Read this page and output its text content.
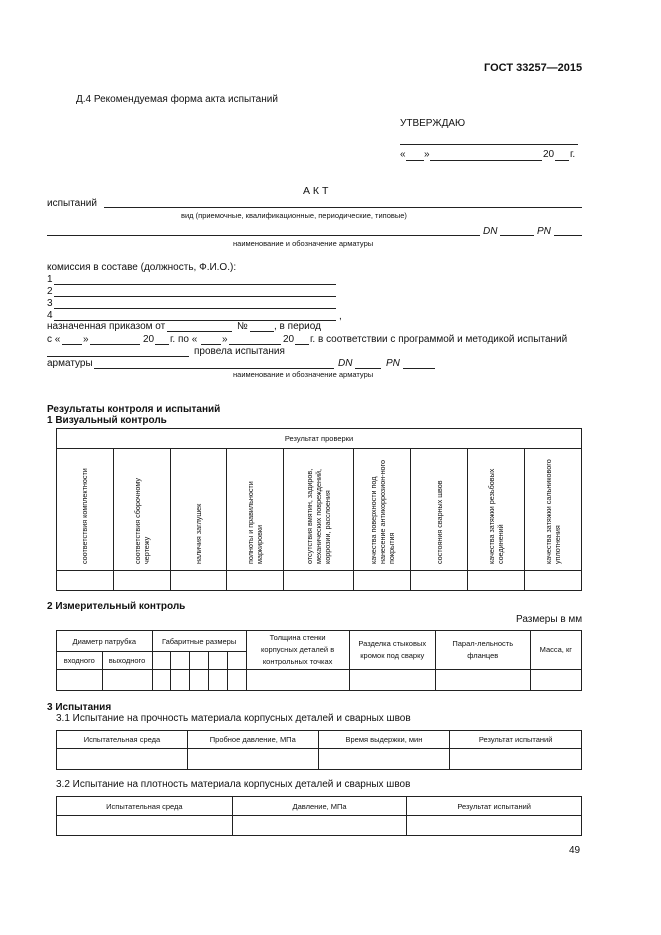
ГОСТ 33257—2015
Д.4 Рекомендуемая форма акта испытаний
УТВЕРЖДАЮ
« »	20 г.
А К Т
испытаний
вид (приемочные, квалификационные, периодические, типовые)
DN	PN
наименование и обозначение арматуры
комиссия в составе (должность, Ф.И.О.):
1
2
3
4	,
назначенная приказом от	№	, в период
с « »	20 г. по « »	20 г. в соответствии с программой и методикой испытаний
провела испытания
арматуры	DN	PN
наименование и обозначение арматуры
Результаты контроля и испытаний
1 Визуальный контроль
Результат проверки								
соответствия комплектности	соответствия сборочному чертежу	наличия заглушек	полноты и правильности маркировки	отсутствия вмятин, задиров, механических повреждений, коррозии, расслоения	качества поверхности под нанесение антикоррозион-ного покрытия	состояния сварных швов	качества затяжки резьбовых соединений	качества затяжки сальникового уплотнения

2 Измерительный контроль
Размеры в мм
Диаметр патрубка		Габаритные размеры					Толщина стенки корпусных деталей в контрольных точках	Разделка стыковых кромок под сварку	Парал-лельность фланцев	Масса, кг
входного	выходного									

3 Испытания
3.1 Испытание на прочность материала корпусных деталей и сварных швов
Испытательная среда	Пробное давление, МПа	Время выдержки, мин	Результат испытаний

3.2 Испытание на плотность материала корпусных деталей и сварных швов
Испытательная среда	Давление, МПа	Результат испытаний

49
